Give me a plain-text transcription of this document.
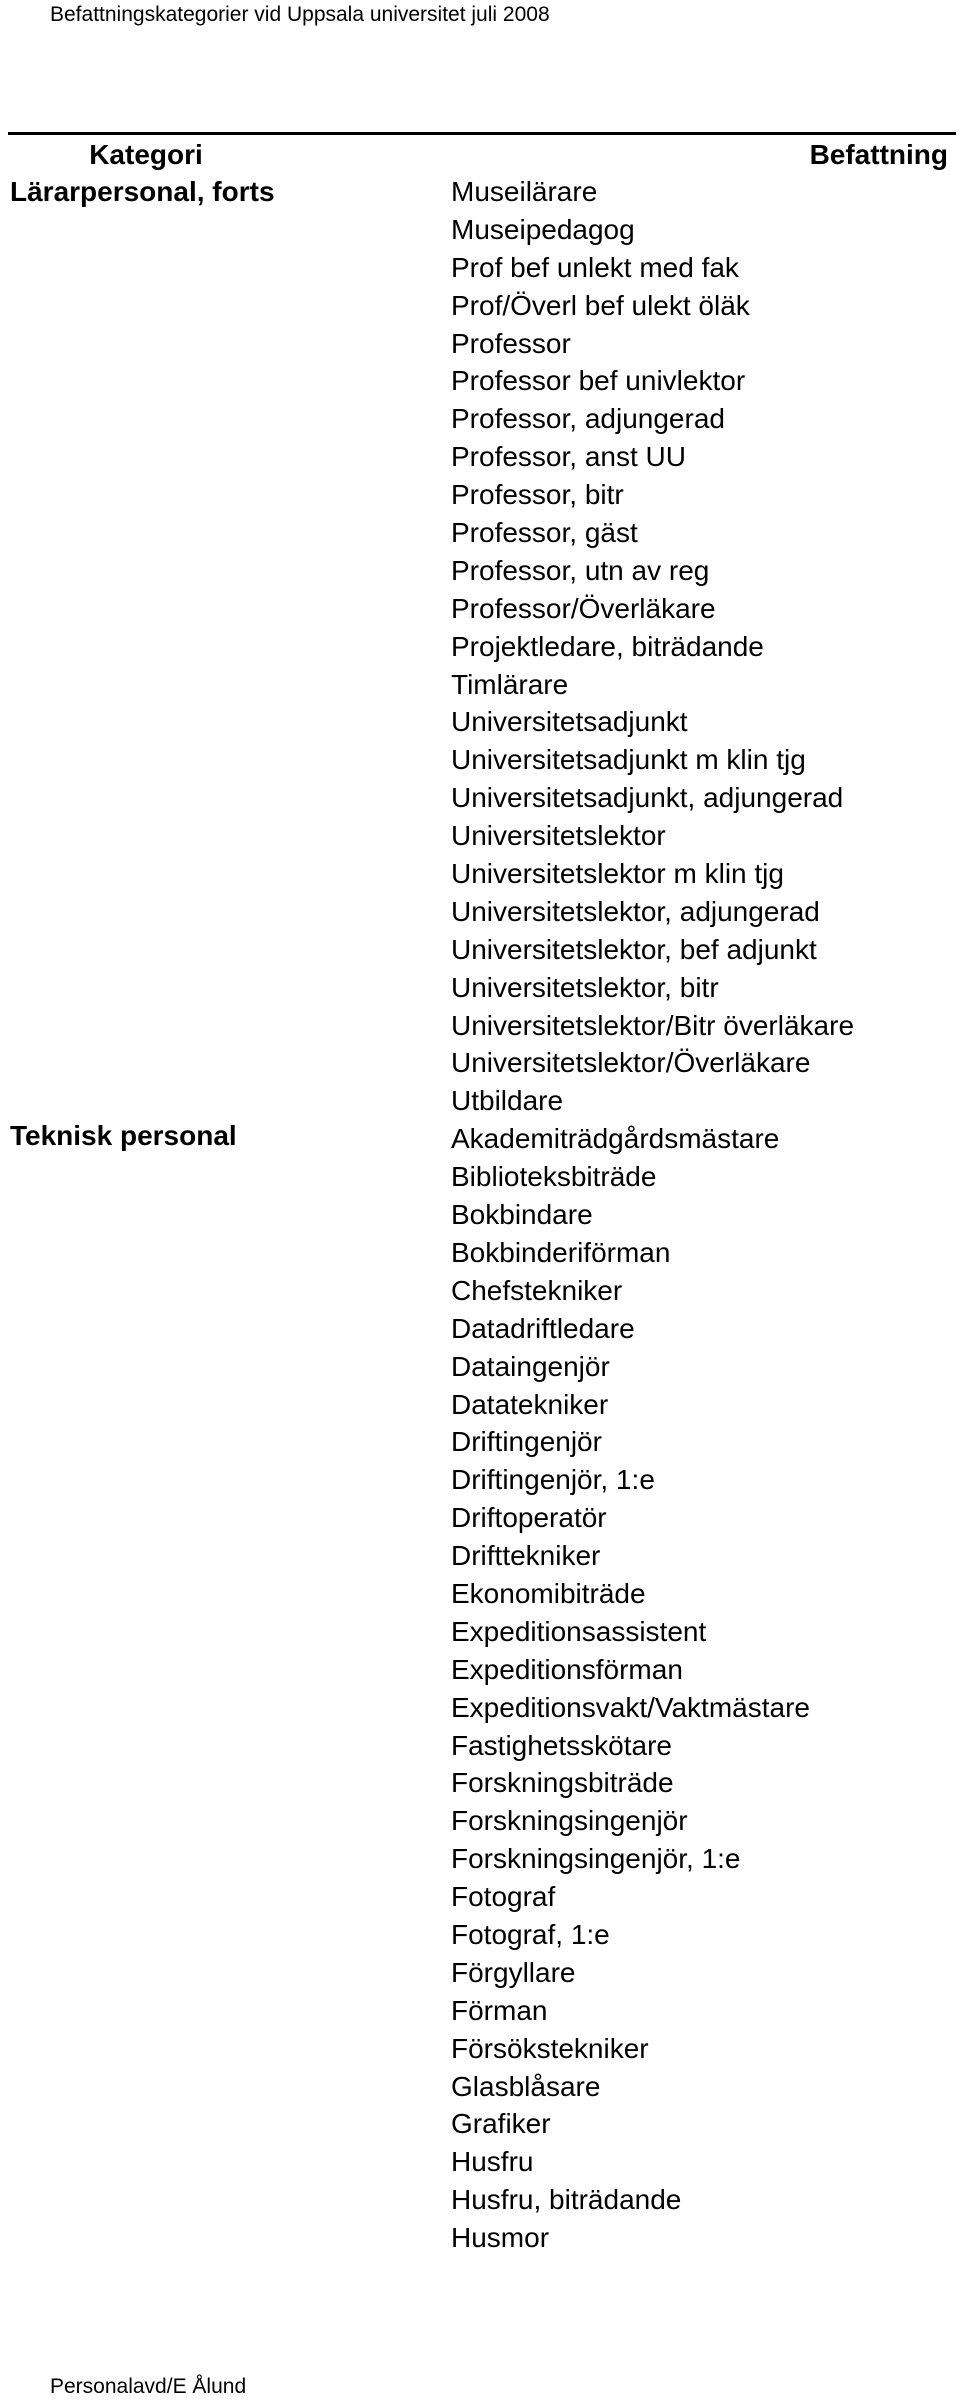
Befattningskategorier vid Uppsala universitet juli 2008
Kategori	Befattning
Lärarpersonal, forts
Teknisk personal
Museilärare
Museipedagog
Prof bef unlekt med fak
Prof/Överl bef ulekt öläk
Professor
Professor bef univlektor
Professor, adjungerad
Professor, anst UU
Professor, bitr
Professor, gäst
Professor, utn av reg
Professor/Överläkare
Projektledare, biträdande
Timlärare
Universitetsadjunkt
Universitetsadjunkt m klin tjg
Universitetsadjunkt, adjungerad
Universitetslektor
Universitetslektor m klin tjg
Universitetslektor, adjungerad
Universitetslektor, bef adjunkt
Universitetslektor, bitr
Universitetslektor/Bitr överläkare
Universitetslektor/Överläkare
Utbildare
Akademiträdgårdsmästare
Biblioteksbiträde
Bokbindare
Bokbinderiförman
Chefstekniker
Datadriftledare
Dataingenjör
Datatekniker
Driftingenjör
Driftingenjör, 1:e
Driftoperatör
Drifttekniker
Ekonomibiträde
Expeditionsassistent
Expeditionsförman
Expeditionsvakt/Vaktmästare
Fastighetsskötare
Forskningsbiträde
Forskningsingenjör
Forskningsingenjör, 1:e
Fotograf
Fotograf, 1:e
Förgyllare
Förman
Försökstekniker
Glasblåsare
Grafiker
Husfru
Husfru, biträdande
Husmor
Personalavd/E Ålund
